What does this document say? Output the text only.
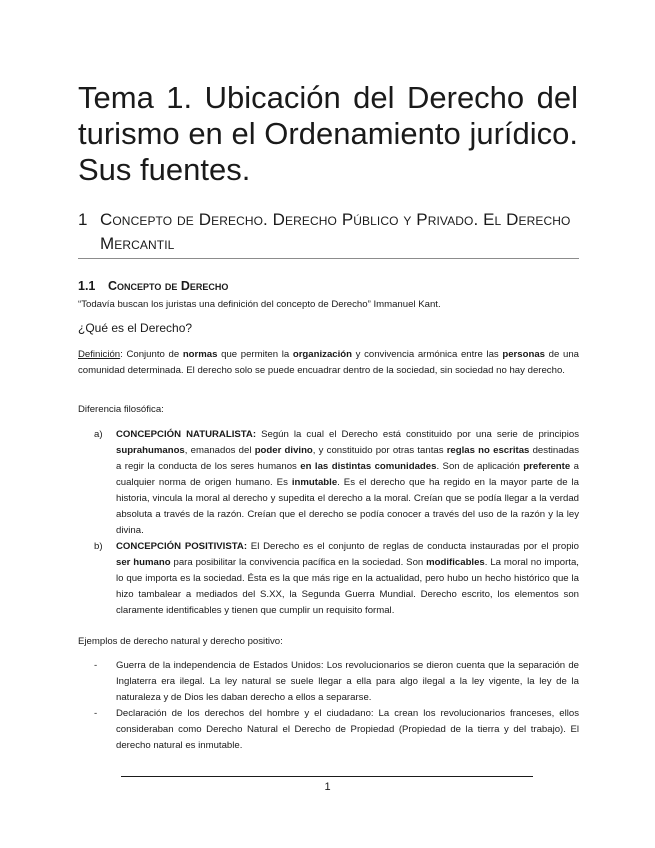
Tema 1. Ubicación del Derecho del turismo en el Ordenamiento jurídico. Sus fuentes.
1 Concepto de Derecho. Derecho Público y Privado. El Derecho Mercantil
1.1 Concepto de Derecho

“Todavía buscan los juristas una definición del concepto de Derecho” Immanuel Kant.

¿Qué es el Derecho?

Definición: Conjunto de normas que permiten la organización y convivencia armónica entre las personas de una comunidad determinada. El derecho solo se puede encuadrar dentro de la sociedad, sin sociedad no hay derecho.

Diferencia filosófica:

a) CONCEPCIÓN NATURALISTA: Según la cual el Derecho está constituido por una serie de principios suprahumanos, emanados del poder divino, y constituido por otras tantas reglas no escritas destinadas a regir la conducta de los seres humanos en las distintas comunidades. Son de aplicación preferente a cualquier norma de origen humano. Es inmutable. Es el derecho que ha regido en la mayor parte de la historia, vincula la moral al derecho y supedita el derecho a la moral. Creían que se podía llegar a la verdad absoluta a través de la razón. Creían que el derecho se podía conocer a través del uso de la razón y la ley divina.
b) CONCEPCIÓN POSITIVISTA: El Derecho es el conjunto de reglas de conducta instauradas por el propio ser humano para posibilitar la convivencia pacífica en la sociedad. Son modificables. La moral no importa, lo que importa es la sociedad. Ésta es la que más rige en la actualidad, pero hubo un hecho histórico que la hizo tambalear a mediados del S.XX, la Segunda Guerra Mundial. Derecho escrito, los elementos son claramente identificables y tienen que cumplir un requisito formal.

Ejemplos de derecho natural y derecho positivo:

- Guerra de la independencia de Estados Unidos: Los revolucionarios se dieron cuenta que la separación de Inglaterra era ilegal. La ley natural se suele llegar a ella para algo ilegal a la ley vigente, la ley de la naturaleza y de Dios les daban derecho a ellos a separarse.
- Declaración de los derechos del hombre y el ciudadano: La crean los revolucionarios franceses, ellos consideraban como Derecho Natural el Derecho de Propiedad (Propiedad de la tierra y del trabajo). El derecho natural es inmutable.
1
